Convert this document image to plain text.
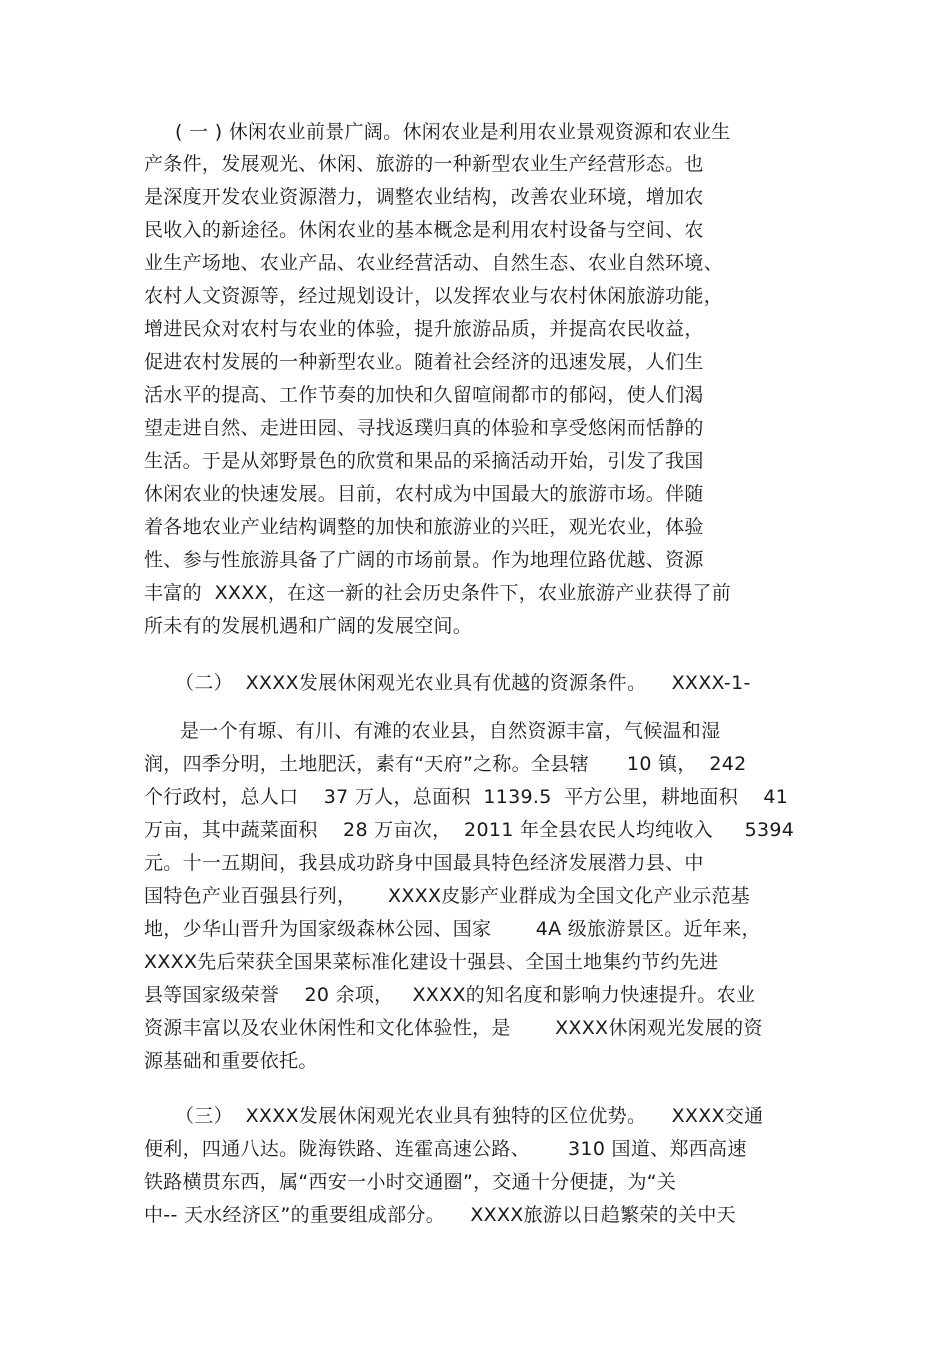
( 一 ) 休闲农业前景广阔。休闲农业是利用农业景观资源和农业生
产条件，发展观光、休闲、旅游的一种新型农业生产经营形态。也
是深度开发农业资源潜力，调整农业结构，改善农业环境，增加农
民收入的新途径。休闲农业的基本概念是利用农村设备与空间、农
业生产场地、农业产品、农业经营活动、自然生态、农业自然环境、
农村人文资源等，经过规划设计，以发挥农业与农村休闲旅游功能，
增进民众对农村与农业的体验，提升旅游品质，并提高农民收益，
促进农村发展的一种新型农业。随着社会经济的迅速发展，人们生
活水平的提高、工作节奏的加快和久留喧闹都市的郁闷，使人们渴
望走进自然、走进田园、寻找返璞归真的体验和享受悠闲而恬静的
生活。于是从郊野景色的欣赏和果品的采摘活动开始，引发了我国
休闲农业的快速发展。目前，农村成为中国最大的旅游市场。伴随
着各地农业产业结构调整的加快和旅游业的兴旺，观光农业，体验
性、参与性旅游具备了广阔的市场前景。作为地理位路优越、资源
丰富的  XXXX，在这一新的社会历史条件下，农业旅游产业获得了前
所未有的发展机遇和广阔的发展空间。
（二）  XXXX发展休闲观光农业具有优越的资源条件。    XXXX-1-
是一个有塬、有川、有滩的农业县，自然资源丰富，气候温和湿
润，四季分明，土地肥沃，素有“天府”之称。全县辖      10 镇，  242
个行政村，总人口    37 万人，总面积  1139.5  平方公里，耕地面积    41
万亩，其中蔬菜面积    28 万亩次，  2011 年全县农民人均纯收入     5394
元。十一五期间，我县成功跻身中国最具特色经济发展潜力县、中
国特色产业百强县行列，     XXXX皮影产业群成为全国文化产业示范基
地，少华山晋升为国家级森林公园、国家       4A 级旅游景区。近年来，
XXXX先后荣获全国果菜标准化建设十强县、全国土地集约节约先进
县等国家级荣誉    20 余项，   XXXX的知名度和影响力快速提升。农业
资源丰富以及农业休闲性和文化体验性，是       XXXX休闲观光发展的资
源基础和重要依托。
（三）  XXXX发展休闲观光农业具有独特的区位优势。    XXXX交通
便利，四通八达。陇海铁路、连霍高速公路、      310 国道、郑西高速
铁路横贯东西，属“西安一小时交通圈”，交通十分便捷，为“关
中-- 天水经济区”的重要组成部分。    XXXX旅游以日趋繁荣的关中天
